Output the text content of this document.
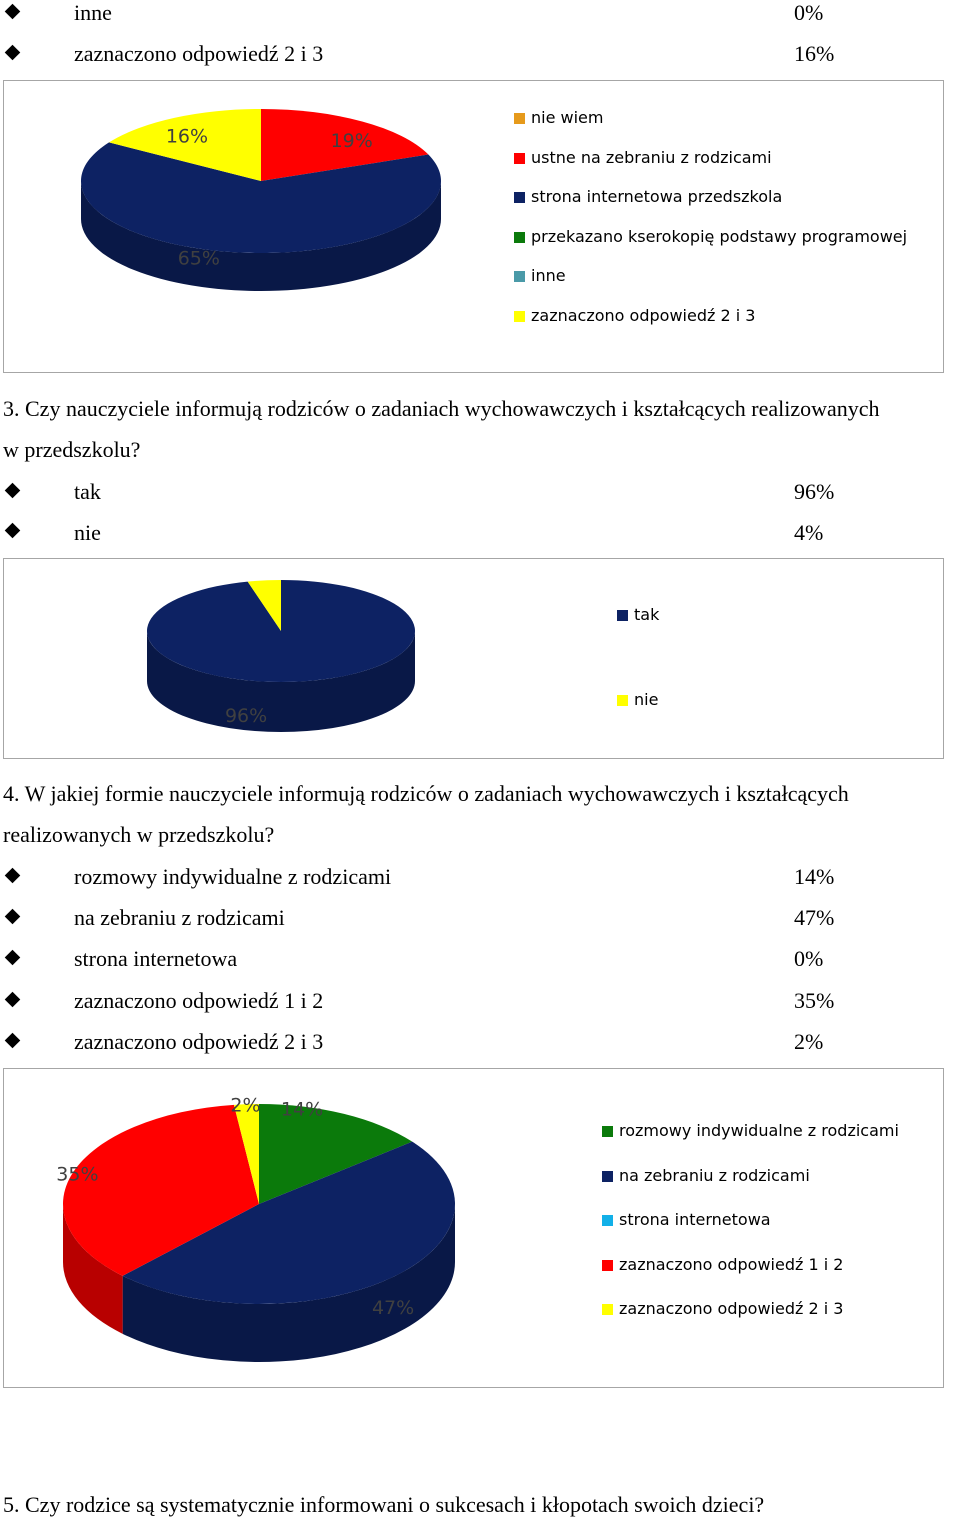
inne	0%
zaznaczono odpowiedź 2 i 3	16%
19%
65%
16%
nie wiem
ustne na zebraniu z rodzicami
strona internetowa przedszkola
przekazano kserokopię podstawy programowej
inne
zaznaczono odpowiedź 2 i 3
3. Czy nauczyciele informują rodziców o zadaniach wychowawczych i kształcących realizowanych
w przedszkolu?
tak	96%
nie	4%
96%
tak
nie
4. W jakiej formie nauczyciele informują rodziców o zadaniach wychowawczych i kształcących
realizowanych w przedszkolu?
rozmowy indywidualne z rodzicami	14%
na zebraniu z rodzicami	47%
strona internetowa	0%
zaznaczono odpowiedź 1 i 2	35%
zaznaczono odpowiedź 2 i 3	2%
14%
47%
35%
2%
rozmowy indywidualne z rodzicami
na zebraniu z rodzicami
strona internetowa
zaznaczono odpowiedź 1 i 2
zaznaczono odpowiedź 2 i 3
5. Czy rodzice są systematycznie informowani o sukcesach i kłopotach swoich dzieci?
